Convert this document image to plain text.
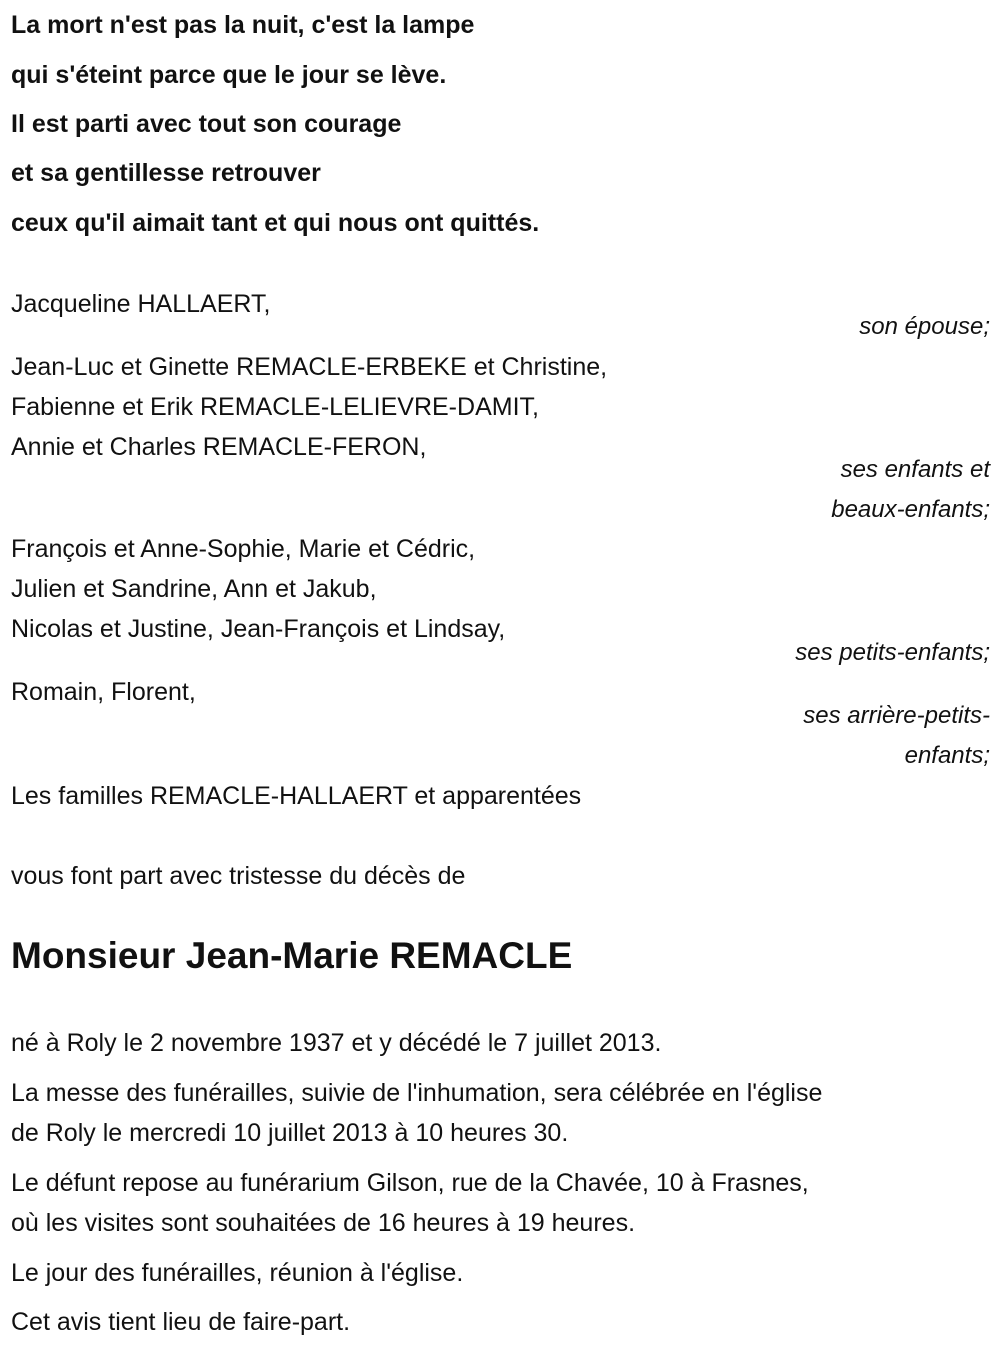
La mort n'est pas la nuit, c'est la lampe
qui s'éteint parce que le jour se lève.
Il est parti avec tout son courage
et sa gentillesse retrouver
ceux qu'il aimait tant et qui nous ont quittés.
Jacqueline HALLAERT,
son épouse;
Jean-Luc et Ginette REMACLE-ERBEKE et Christine,
Fabienne et Erik REMACLE-LELIEVRE-DAMIT,
Annie et Charles REMACLE-FERON,
ses enfants et
beaux-enfants;
François et Anne-Sophie, Marie et Cédric,
Julien et Sandrine, Ann et Jakub,
Nicolas et Justine, Jean-François et Lindsay,
ses petits-enfants;
Romain, Florent,
ses arrière-petits-
enfants;
Les familles REMACLE-HALLAERT et apparentées
vous font part avec tristesse du décès de
Monsieur Jean-Marie REMACLE
né à Roly le 2 novembre 1937 et y décédé le 7 juillet 2013.
La messe des funérailles, suivie de l'inhumation, sera célébrée en l'église
de Roly le mercredi 10 juillet 2013 à 10 heures 30.
Le défunt repose au funérarium Gilson, rue de la Chavée, 10 à Frasnes,
où les visites sont souhaitées de 16 heures à 19 heures.
Le jour des funérailles, réunion à l'église.
Cet avis tient lieu de faire-part.
